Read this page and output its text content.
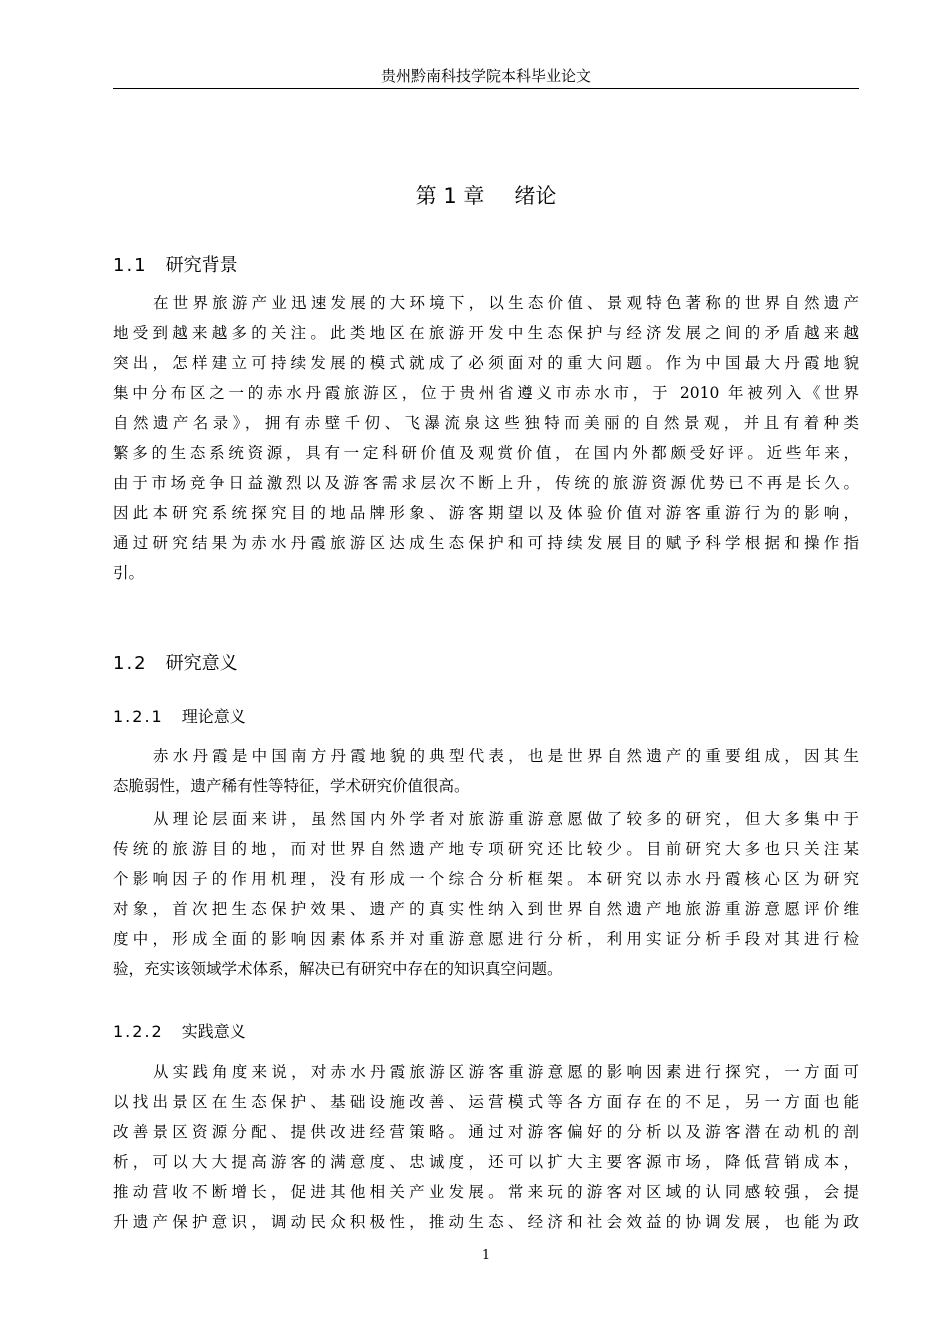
贵州黔南科技学院本科毕业论文
第 1 章 绪论
1.1 研究背景
在世界旅游产业迅速发展的大环境下，以生态价值、景观特色著称的世界自然遗产
地受到越来越多的关注。此类地区在旅游开发中生态保护与经济发展之间的矛盾越来越
突出，怎样建立可持续发展的模式就成了必须面对的重大问题。作为中国最大丹霞地貌
集中分布区之一的赤水丹霞旅游区，位于贵州省遵义市赤水市，于 2010 年被列入《世界
自然遗产名录》，拥有赤壁千仞、飞瀑流泉这些独特而美丽的自然景观，并且有着种类
繁多的生态系统资源，具有一定科研价值及观赏价值，在国内外都颇受好评。近些年来，
由于市场竞争日益激烈以及游客需求层次不断上升，传统的旅游资源优势已不再是长久。
因此本研究系统探究目的地品牌形象、游客期望以及体验价值对游客重游行为的影响，
通过研究结果为赤水丹霞旅游区达成生态保护和可持续发展目的赋予科学根据和操作指
引。
1.2 研究意义
1.2.1 理论意义
赤水丹霞是中国南方丹霞地貌的典型代表，也是世界自然遗产的重要组成，因其生
态脆弱性，遗产稀有性等特征，学术研究价值很高。
从理论层面来讲，虽然国内外学者对旅游重游意愿做了较多的研究，但大多集中于
传统的旅游目的地，而对世界自然遗产地专项研究还比较少。目前研究大多也只关注某
个影响因子的作用机理，没有形成一个综合分析框架。本研究以赤水丹霞核心区为研究
对象，首次把生态保护效果、遗产的真实性纳入到世界自然遗产地旅游重游意愿评价维
度中，形成全面的影响因素体系并对重游意愿进行分析，利用实证分析手段对其进行检
验，充实该领域学术体系，解决已有研究中存在的知识真空问题。
1.2.2 实践意义
从实践角度来说，对赤水丹霞旅游区游客重游意愿的影响因素进行探究，一方面可
以找出景区在生态保护、基础设施改善、运营模式等各方面存在的不足，另一方面也能
改善景区资源分配、提供改进经营策略。通过对游客偏好的分析以及游客潜在动机的剖
析，可以大大提高游客的满意度、忠诚度，还可以扩大主要客源市场，降低营销成本，
推动营收不断增长，促进其他相关产业发展。常来玩的游客对区域的认同感较强，会提
升遗产保护意识，调动民众积极性，推动生态、经济和社会效益的协调发展，也能为政
1
